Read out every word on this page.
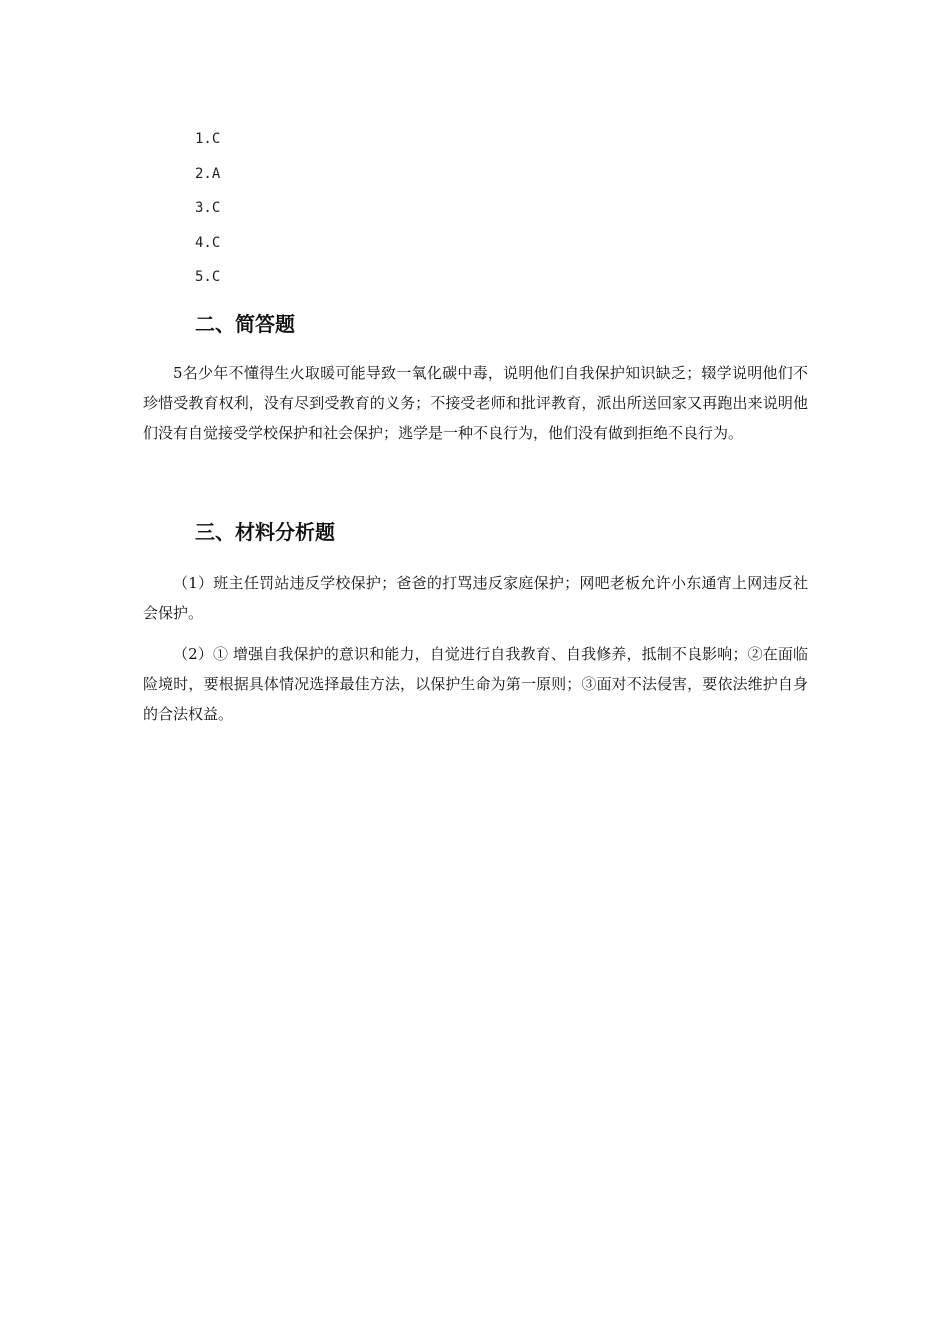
1.C
2.A
3.C
4.C
5.C
二、简答题

5名少年不懂得生火取暖可能导致一氧化碳中毒，说明他们自我保护知识缺乏；辍学说明他们不珍惜受教育权利，没有尽到受教育的义务；不接受老师和批评教育，派出所送回家又再跑出来说明他们没有自觉接受学校保护和社会保护；逃学是一种不良行为，他们没有做到拒绝不良行为。

三、材料分析题

（1）班主任罚站违反学校保护；爸爸的打骂违反家庭保护；网吧老板允许小东通宵上网违反社会保护。

（2）① 增强自我保护的意识和能力，自觉进行自我教育、自我修养，抵制不良影响；②在面临险境时，要根据具体情况选择最佳方法，以保护生命为第一原则；③面对不法侵害，要依法维护自身的合法权益。
